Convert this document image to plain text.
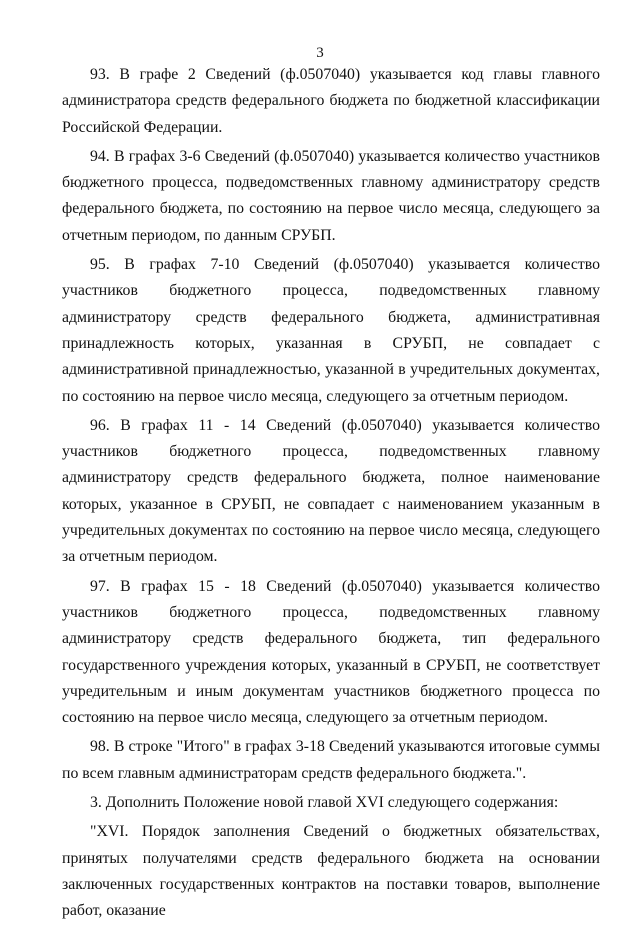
3

93. В графе 2 Сведений (ф.0507040) указывается код главы главного администратора средств федерального бюджета по бюджетной классификации Российской Федерации.

94. В графах 3-6 Сведений (ф.0507040) указывается количество участников бюджетного процесса, подведомственных главному администратору средств федерального бюджета, по состоянию на первое число месяца, следующего за отчетным периодом, по данным СРУБП.

95. В графах 7-10 Сведений (ф.0507040) указывается количество участников бюджетного процесса, подведомственных главному администратору средств федерального бюджета, административная принадлежность которых, указанная в СРУБП, не совпадает с административной принадлежностью, указанной в учредительных документах, по состоянию на первое число месяца, следующего за отчетным периодом.

96. В графах 11 - 14 Сведений (ф.0507040) указывается количество участников бюджетного процесса, подведомственных главному администратору средств федерального бюджета, полное наименование которых, указанное в СРУБП, не совпадает с наименованием указанным в учредительных документах по состоянию на первое число месяца, следующего за отчетным периодом.

97. В графах 15 - 18 Сведений (ф.0507040) указывается количество участников бюджетного процесса, подведомственных главному администратору средств федерального бюджета, тип федерального государственного учреждения которых, указанный в СРУБП, не соответствует учредительным и иным документам участников бюджетного процесса по состоянию на первое число месяца, следующего за отчетным периодом.

98. В строке "Итого" в графах 3-18 Сведений указываются итоговые суммы по всем главным администраторам средств федерального бюджета.".

3. Дополнить Положение новой главой XVI следующего содержания:

"XVI. Порядок заполнения Сведений о бюджетных обязательствах, принятых получателями средств федерального бюджета на основании заключенных государственных контрактов на поставки товаров, выполнение работ, оказание
